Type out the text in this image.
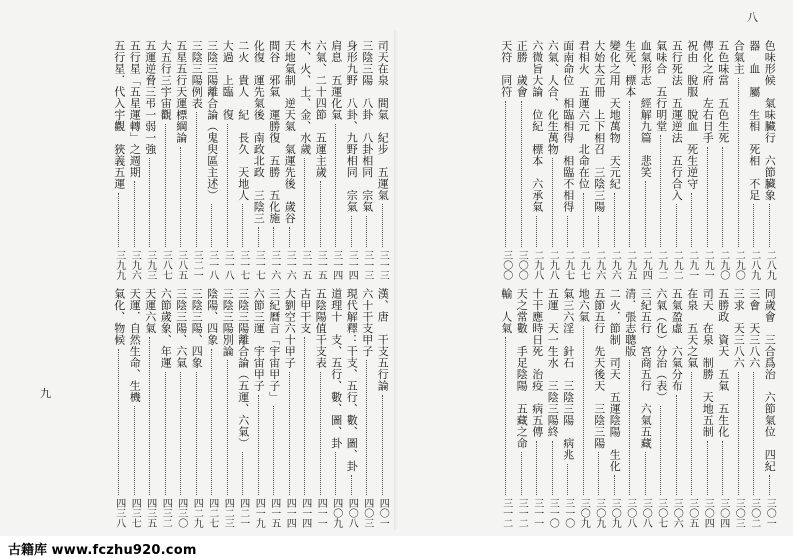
司天在泉　間氣　紀步　五運氣
三一三
三陰三陽　八卦　八卦相同　宗氣
三一三
身形九野　八卦、九野相同　宗氣
三一四
肩息　五運化氣
三一四
六氣、二十四節　五運主歲
三一五
木、火、土、金、水歲
三一五
天地氣制　逆天氣　氣運先後　歲谷
三一六
間谷　邪氣　運勝復　五勝　五化施
三一六
化復　運先氣後　南政北政　三陰三
三一七
二火　貴人　紀　長久　天地人
三一七
大過　上臨　復
三一八
三陰三陽離合論（鬼臾區主述）
三一八
三陰三陽例表
三二一
五星五行天運標綱論
三八五
大五行三宇宙觀
三八七
五運逆脅三弔一弱一強
三九三
五行星「五星運轉」之週期
三九六
五行星．代入宇觀　狹義五運
三九九
漢、唐　干支五行論
四〇一
六十干支甲子
四〇三
現代解釋：干支、五行、數、圖、卦
四〇八
道理十　支、五行、數、圖、卦
四〇九
五陰陽值干支表
四一一
古甲干支
四一四
大劉空六十甲子
四一四
三紀曆言「宇宙甲子」
四一五
六節三運　宇宙甲子
四一九
三陰三陽離合論（五運、六氣）
四二一
三陰三陽別論
四二三
陰陽、四象
四二七
三陰三陽、四象
四二九
三陰三陽、六氣
四三〇
六節歲象、年運
四三二
天運六氣
四三五
天運．自然生命、生機
四三七
氣化、物候
四三八
九
色味形候　氣味臟行　六節臟象
二八九
器　血　屬　生相　死相　不足
二八九
合氣主
二九〇
五色味當　五色生死
二九〇
傳化之府　左右日手
二九一
祝由　脫服　脫血　死生逆守
二九一
五行死法　五運逆法　五行合入
二九二
氣味合　五行明堂
二九二
血氣形志　經解九篇　悲笑
二九四
生死、標本
二九五
變化之用　天地萬物　天元紀
二九六
大始太元冊　上下相召　三陰三陽
二九六
君相火　五運六元　北命在位
二九七
面南命位　相臨相得　相臨不相得
二九七
六氣、人合、化生萬物
二九八
六微旨大論　位紀　標本　六承氣
二九八
正勝　歲會
三〇〇
天符　同符
三〇〇
同歲會　三合爲治　六節氣位　四紀
三〇一
三會　天三八六
三〇二
三求　天三八六
三〇三
五勝政　資天　五氣　五生化
三〇四
司天　在泉　制勝　天地五制
三〇四
在泉　五天之氣
三〇五
五氣盈虛　六氣分布
三〇六
六氣（化）分治（表）
三〇七
三紀五行　宮商五行　六氣五藏
三〇八
清．張志聰版
三〇八
二火．節制　司天　五運陰陽　生化
三〇九
五節五行　先天後天　三陰三陽
三〇九
地六氣
三〇九
氣三六淫　針石　三陰三陽　病兆
三一〇
五運　天一生水　三陰三陽終
三一〇
十干應時日死　治疫　病五傳
三一一
天之常數　手足陰陽　五藏之命
三一二
輸　人氣
三一二
八
古籍库 www.fczhu920.com
